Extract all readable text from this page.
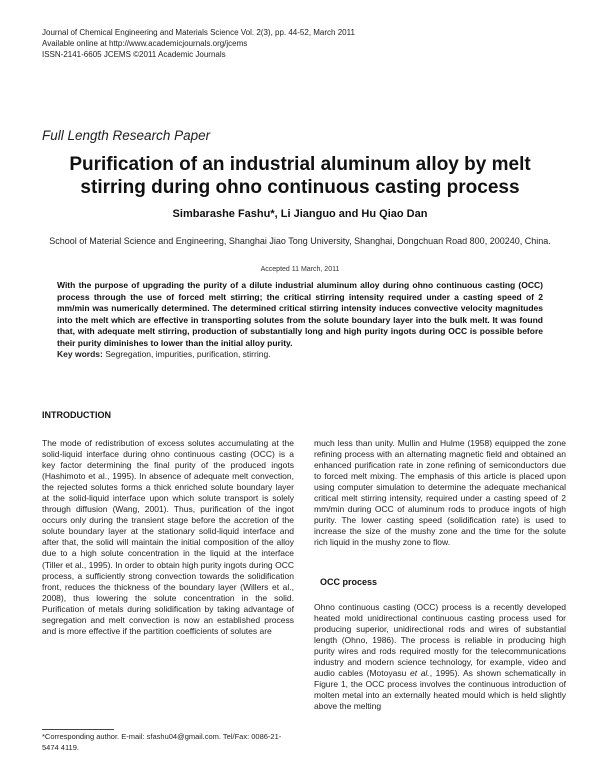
Journal of Chemical Engineering and Materials Science Vol. 2(3), pp. 44-52, March 2011
Available online at http://www.academicjournals.org/jcems
ISSN-2141-6605 JCEMS ©2011 Academic Journals
Full Length Research Paper
Purification of an industrial aluminum alloy by melt stirring during ohno continuous casting process
Simbarashe Fashu*, Li Jianguo and Hu Qiao Dan
School of Material Science and Engineering, Shanghai Jiao Tong University, Shanghai, Dongchuan Road 800, 200240, China.
Accepted 11 March, 2011
With the purpose of upgrading the purity of a dilute industrial aluminum alloy during ohno continuous casting (OCC) process through the use of forced melt stirring; the critical stirring intensity required under a casting speed of 2 mm/min was numerically determined. The determined critical stirring intensity induces convective velocity magnitudes into the melt which are effective in transporting solutes from the solute boundary layer into the bulk melt. It was found that, with adequate melt stirring, production of substantially long and high purity ingots during OCC is possible before their purity diminishes to lower than the initial alloy purity.
Key words: Segregation, impurities, purification, stirring.
INTRODUCTION
The mode of redistribution of excess solutes accumulating at the solid-liquid interface during ohno continuous casting (OCC) is a key factor determining the final purity of the produced ingots (Hashimoto et al., 1995). In absence of adequate melt convection, the rejected solutes forms a thick enriched solute boundary layer at the solid-liquid interface upon which solute transport is solely through diffusion (Wang, 2001). Thus, purification of the ingot occurs only during the transient stage before the accretion of the solute boundary layer at the stationary solid-liquid interface and after that, the solid will maintain the initial composition of the alloy due to a high solute concentration in the liquid at the interface (Tiller et al., 1995). In order to obtain high purity ingots during OCC process, a sufficiently strong convection towards the solidification front, reduces the thickness of the boundary layer (Willers et al., 2008), thus lowering the solute concentration in the solid. Purification of metals during solidification by taking advantage of segregation and melt convection is now an established process and is more effective if the partition coefficients of solutes are
much less than unity. Mullin and Hulme (1958) equipped the zone refining process with an alternating magnetic field and obtained an enhanced purification rate in zone refining of semiconductors due to forced melt mixing. The emphasis of this article is placed upon using computer simulation to determine the adequate mechanical critical melt stirring intensity, required under a casting speed of 2 mm/min during OCC of aluminum rods to produce ingots of high purity. The lower casting speed (solidification rate) is used to increase the size of the mushy zone and the time for the solute rich liquid in the mushy zone to flow.
OCC process
Ohno continuous casting (OCC) process is a recently developed heated mold unidirectional continuous casting process used for producing superior, unidirectional rods and wires of substantial length (Ohno, 1986). The process is reliable in producing high purity wires and rods required mostly for the telecommunications industry and modern science technology, for example, video and audio cables (Motoyasu et al., 1995). As shown schematically in Figure 1, the OCC process involves the continuous introduction of molten metal into an externally heated mould which is held slightly above the melting
*Corresponding author. E-mail: sfashu04@gmail.com. Tel/Fax: 0086-21-5474 4119.
